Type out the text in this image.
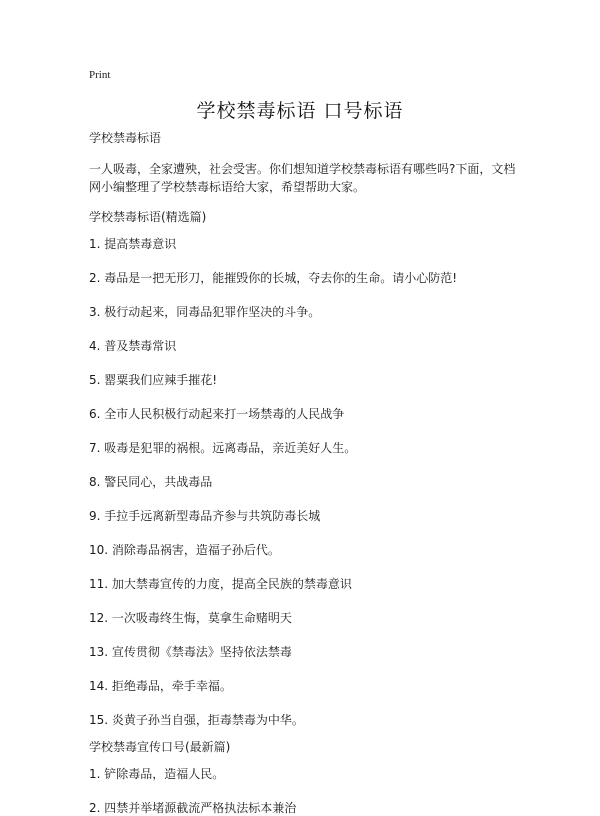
Print
学校禁毒标语 口号标语

学校禁毒标语

一人吸毒，全家遭殃，社会受害。你们想知道学校禁毒标语有哪些吗?下面，文档网小编整理了学校禁毒标语给大家，希望帮助大家。

学校禁毒标语(精选篇)

1. 提高禁毒意识

2. 毒品是一把无形刀，能摧毁你的长城，夺去你的生命。请小心防范!

3. 极行动起来，同毒品犯罪作坚决的斗争。

4. 普及禁毒常识

5. 罂粟我们应辣手摧花!

6. 全市人民积极行动起来打一场禁毒的人民战争

7. 吸毒是犯罪的祸根。远离毒品，亲近美好人生。

8. 警民同心，共战毒品

9. 手拉手远离新型毒品齐参与共筑防毒长城

10. 消除毒品祸害，造福子孙后代。

11. 加大禁毒宣传的力度，提高全民族的禁毒意识

12. 一次吸毒终生悔，莫拿生命赌明天

13. 宣传贯彻《禁毒法》坚持依法禁毒

14. 拒绝毒品，牵手幸福。

15. 炎黄子孙当自强，拒毒禁毒为中华。

学校禁毒宣传口号(最新篇)

1. 铲除毒品，造福人民。

2. 四禁并举堵源截流严格执法标本兼治
